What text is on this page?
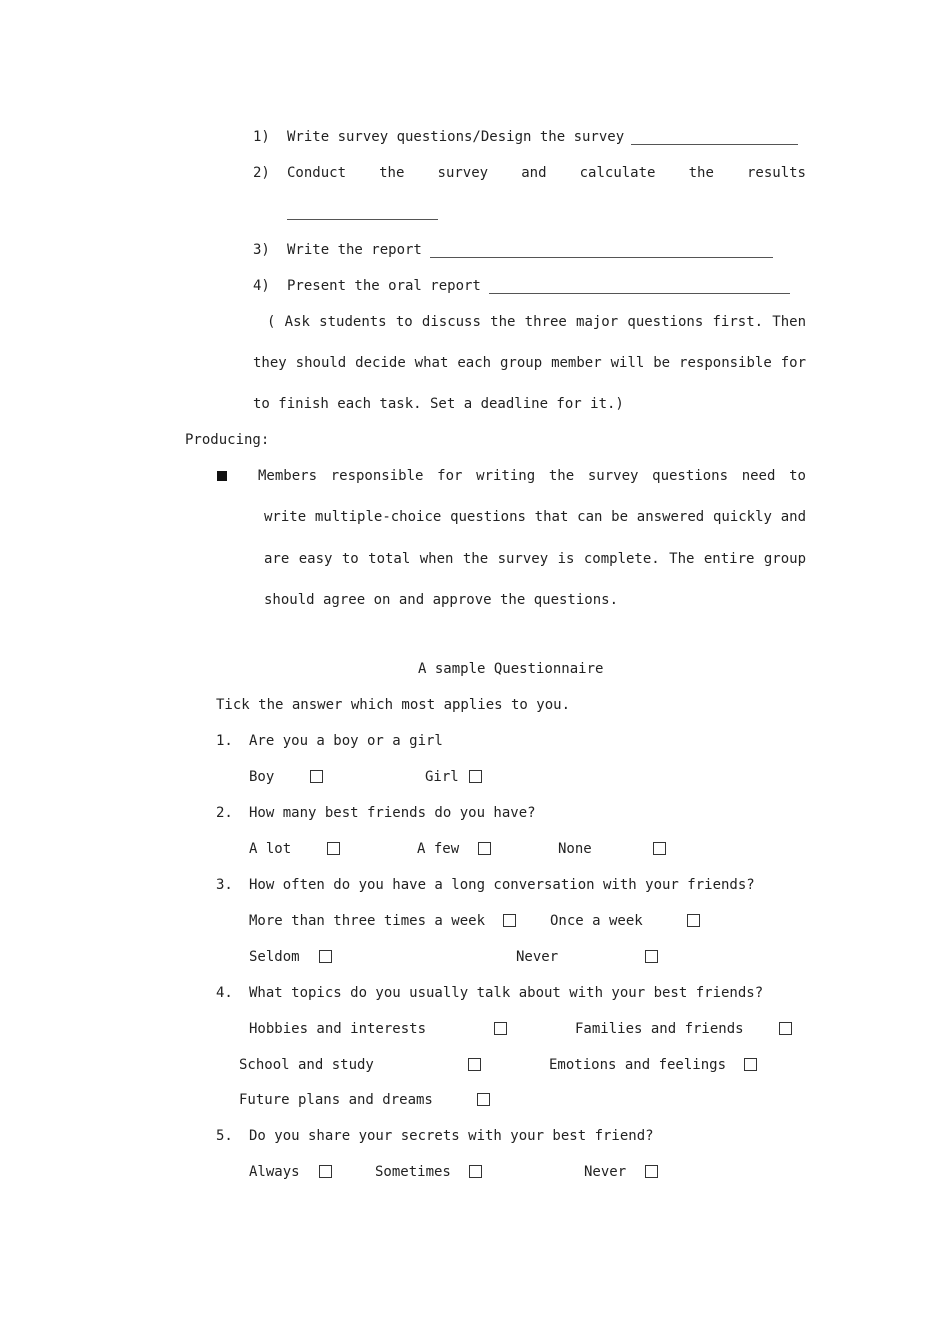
1) Write survey questions/Design the survey
2) Conduct the survey and calculate the results
3) Write the report
4) Present the oral report
( Ask students to discuss the three major questions first. Then
they should decide what each group member will be responsible for
to finish each task. Set a deadline for it.)
Producing:
Members responsible for writing the survey questions need to
write multiple-choice questions that can be answered quickly and
are easy to total when the survey is complete. The entire group
should agree on and approve the questions.
A sample Questionnaire
Tick the answer which most applies to you.
1. Are you a boy or a girl
Boy	Girl
2. How many best friends do you have?
A lot	A few	None
3. How often do you have a long conversation with your friends?
More than three times a week	Once a week
Seldom	Never
4. What topics do you usually talk about with your best friends?
Hobbies and interests	Families and friends
School and study	Emotions and feelings
Future plans and dreams
5. Do you share your secrets with your best friend?
Always	Sometimes	Never
